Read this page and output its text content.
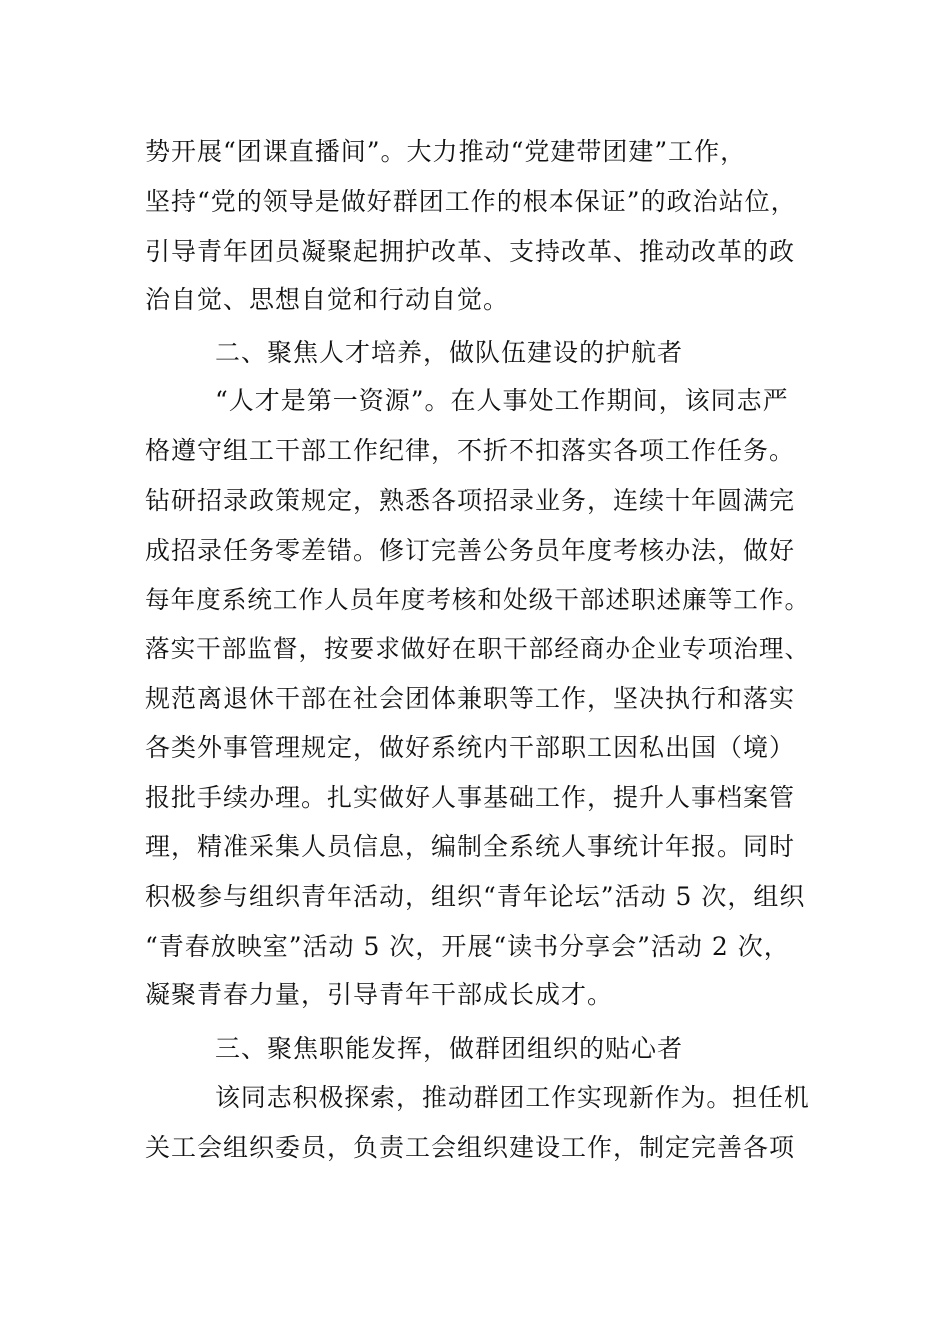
势开展“团课直播间”。大力推动“党建带团建”工作，
坚持“党的领导是做好群团工作的根本保证”的政治站位，
引导青年团员凝聚起拥护改革、支持改革、推动改革的政
治自觉、思想自觉和行动自觉。
二、聚焦人才培养，做队伍建设的护航者
“人才是第一资源”。在人事处工作期间，该同志严
格遵守组工干部工作纪律，不折不扣落实各项工作任务。
钻研招录政策规定，熟悉各项招录业务，连续十年圆满完
成招录任务零差错。修订完善公务员年度考核办法，做好
每年度系统工作人员年度考核和处级干部述职述廉等工作。
落实干部监督，按要求做好在职干部经商办企业专项治理、
规范离退休干部在社会团体兼职等工作，坚决执行和落实
各类外事管理规定，做好系统内干部职工因私出国（境）
报批手续办理。扎实做好人事基础工作，提升人事档案管
理，精准采集人员信息，编制全系统人事统计年报。同时
积极参与组织青年活动，组织“青年论坛”活动 5 次，组织
“青春放映室”活动 5 次，开展“读书分享会”活动 2 次，
凝聚青春力量，引导青年干部成长成才。
三、聚焦职能发挥，做群团组织的贴心者
该同志积极探索，推动群团工作实现新作为。担任机
关工会组织委员，负责工会组织建设工作，制定完善各项
